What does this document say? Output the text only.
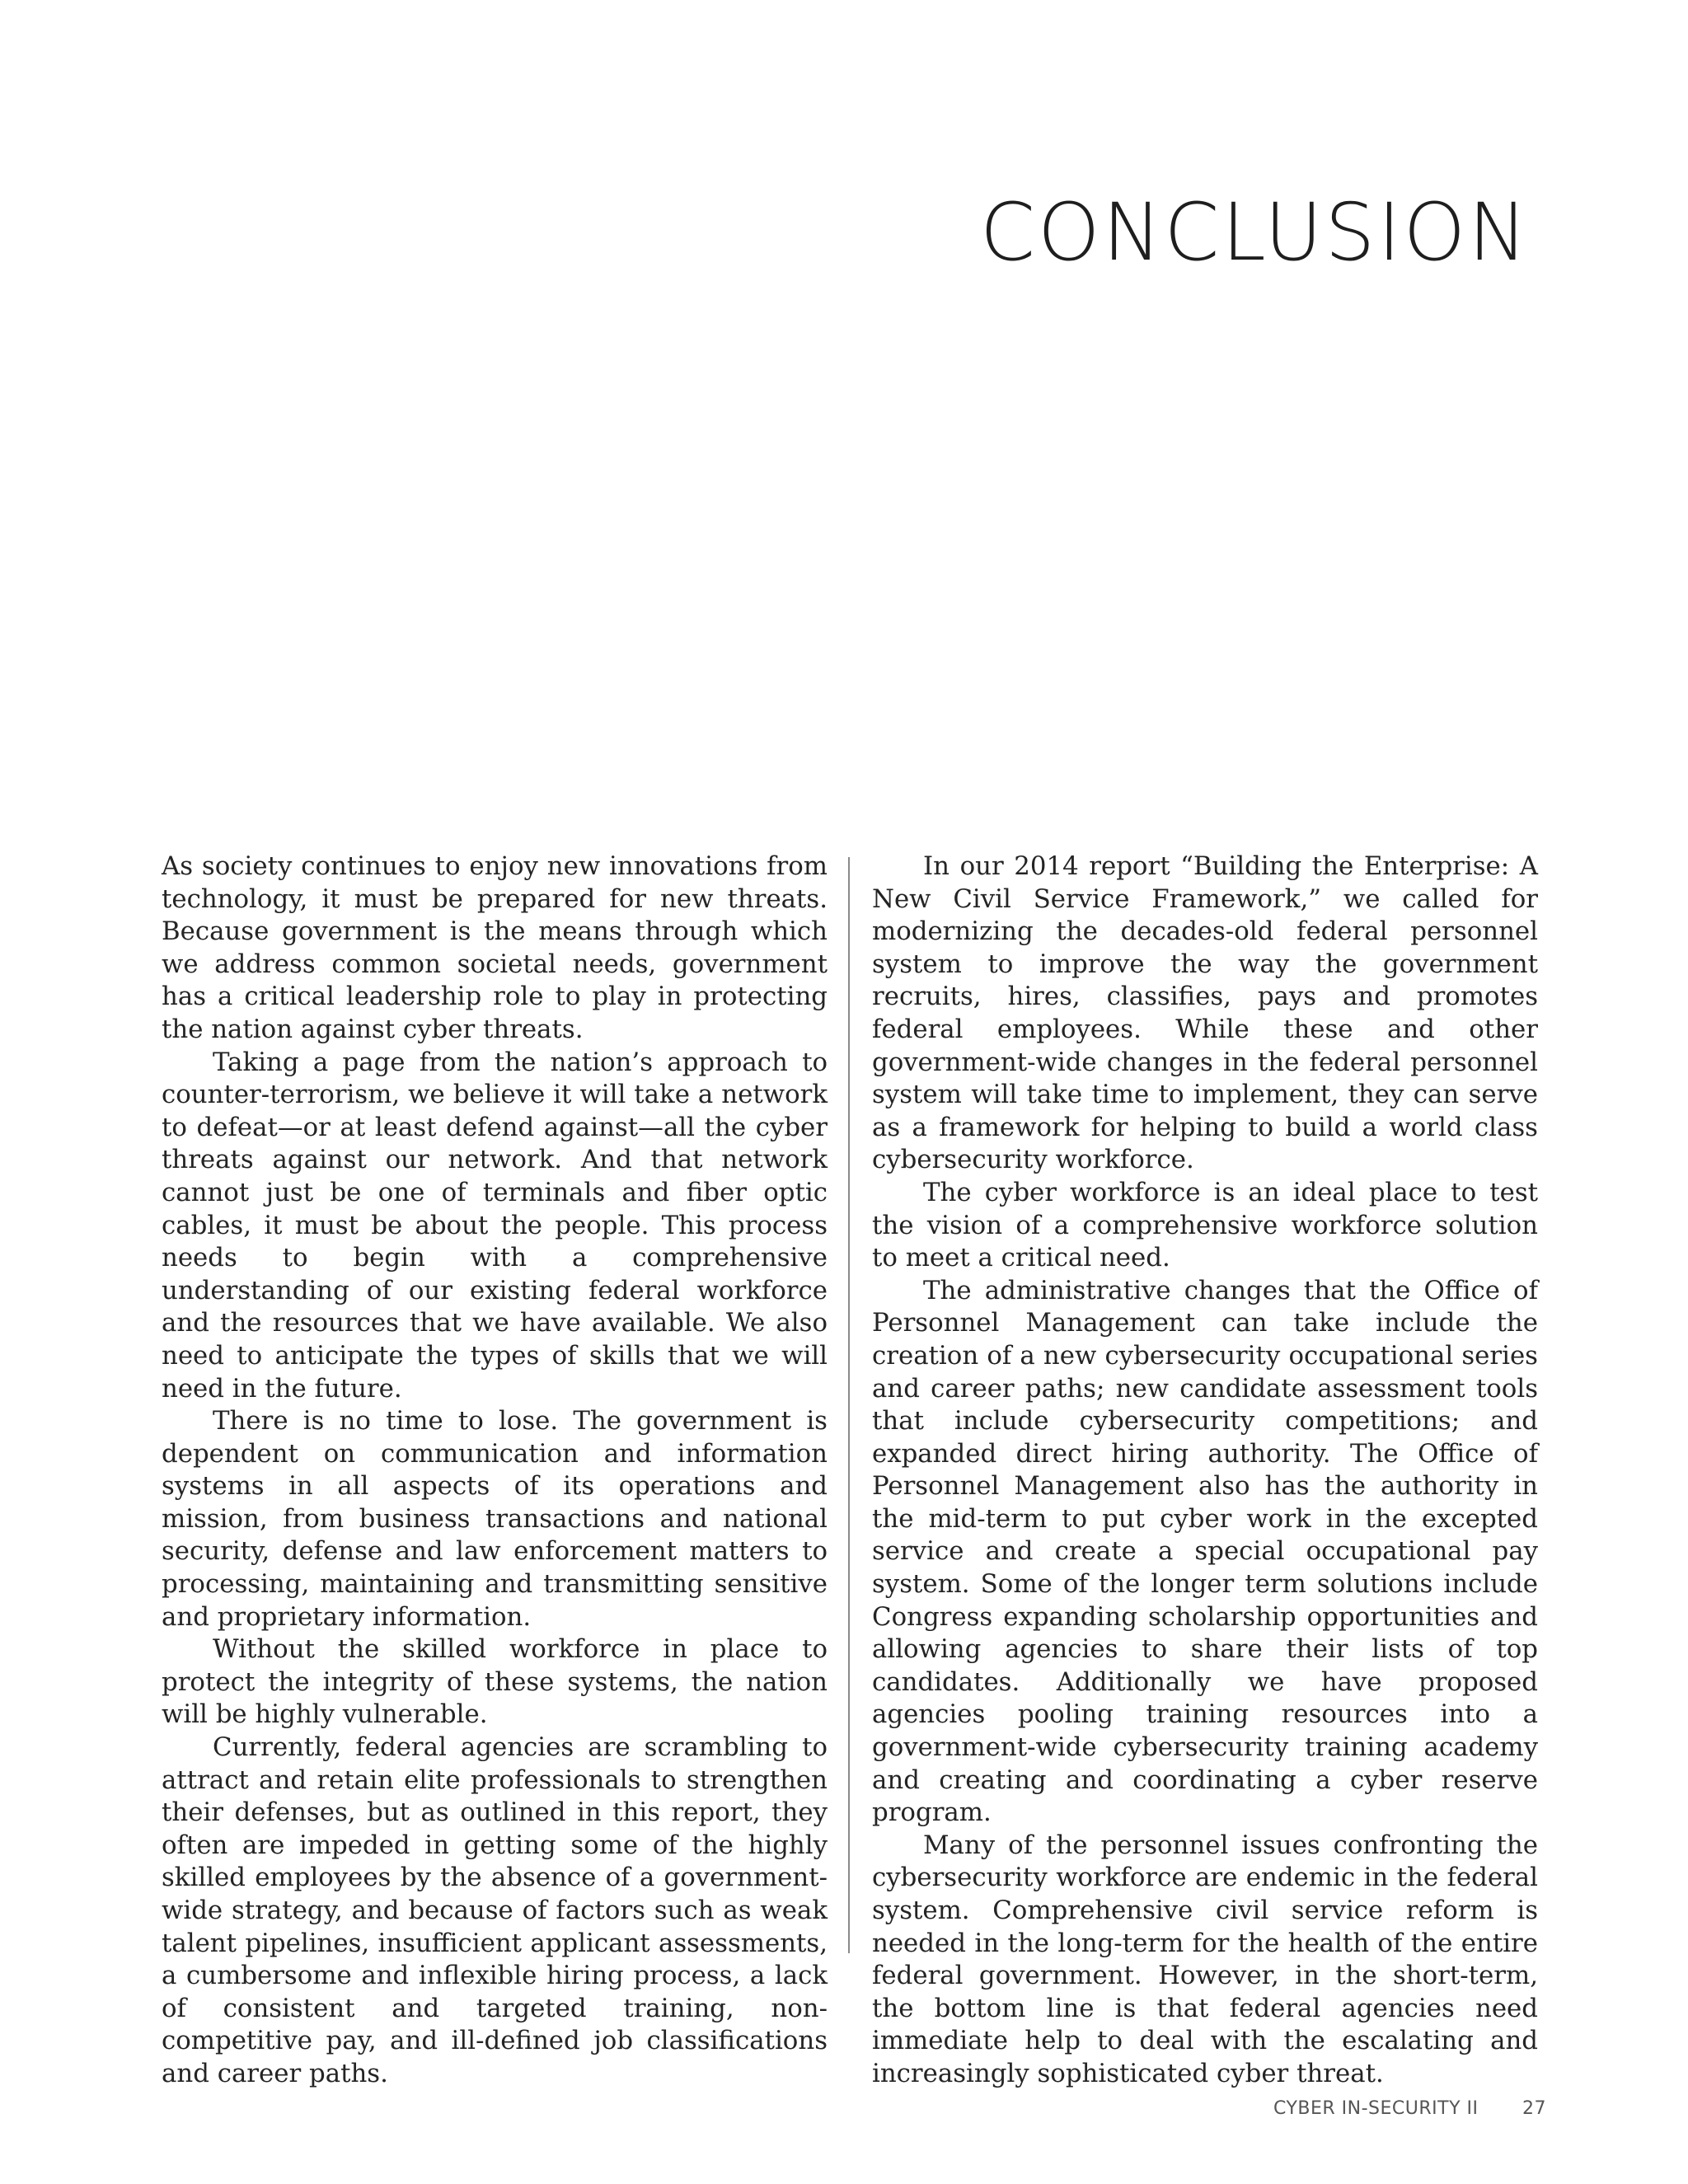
CONCLUSION

As society continues to enjoy new innovations from technology, it must be prepared for new threats. Because government is the means through which we address common societal needs, government has a critical leadership role to play in protecting the nation against cyber threats.

Taking a page from the nation’s approach to counter-terrorism, we believe it will take a network to defeat—or at least defend against—all the cyber threats against our network. And that network cannot just be one of terminals and fiber optic cables, it must be about the people. This process needs to begin with a comprehensive understanding of our existing federal workforce and the resources that we have available. We also need to anticipate the types of skills that we will need in the future.

There is no time to lose. The government is dependent on communication and information systems in all aspects of its operations and mission, from business transactions and national security, defense and law enforcement matters to processing, maintaining and transmitting sensitive and proprietary information.

Without the skilled workforce in place to protect the integrity of these systems, the nation will be highly vulnerable.

Currently, federal agencies are scrambling to attract and retain elite professionals to strengthen their defenses, but as outlined in this report, they often are impeded in getting some of the highly skilled employees by the absence of a government-wide strategy, and because of factors such as weak talent pipelines, insufficient applicant assessments, a cumbersome and inflexible hiring process, a lack of consistent and targeted training, non-competitive pay, and ill-defined job classifications and career paths.

In our 2014 report “Building the Enterprise: A New Civil Service Framework,” we called for modernizing the decades-old federal personnel system to improve the way the government recruits, hires, classifies, pays and promotes federal employees. While these and other government-wide changes in the federal personnel system will take time to implement, they can serve as a framework for helping to build a world class cybersecurity workforce.

The cyber workforce is an ideal place to test the vision of a comprehensive workforce solution to meet a critical need.

The administrative changes that the Office of Personnel Management can take include the creation of a new cybersecurity occupational series and career paths; new candidate assessment tools that include cybersecurity competitions; and expanded direct hiring authority. The Office of Personnel Management also has the authority in the mid-term to put cyber work in the excepted service and create a special occupational pay system. Some of the longer term solutions include Congress expanding scholarship opportunities and allowing agencies to share their lists of top candidates. Additionally we have proposed agencies pooling training resources into a government-wide cybersecurity training academy and creating and coordinating a cyber reserve program.

Many of the personnel issues confronting the cybersecurity workforce are endemic in the federal system. Comprehensive civil service reform is needed in the long-term for the health of the entire federal government. However, in the short-term, the bottom line is that federal agencies need immediate help to deal with the escalating and increasingly sophisticated cyber threat.

CYBER IN-SECURITY II 27
